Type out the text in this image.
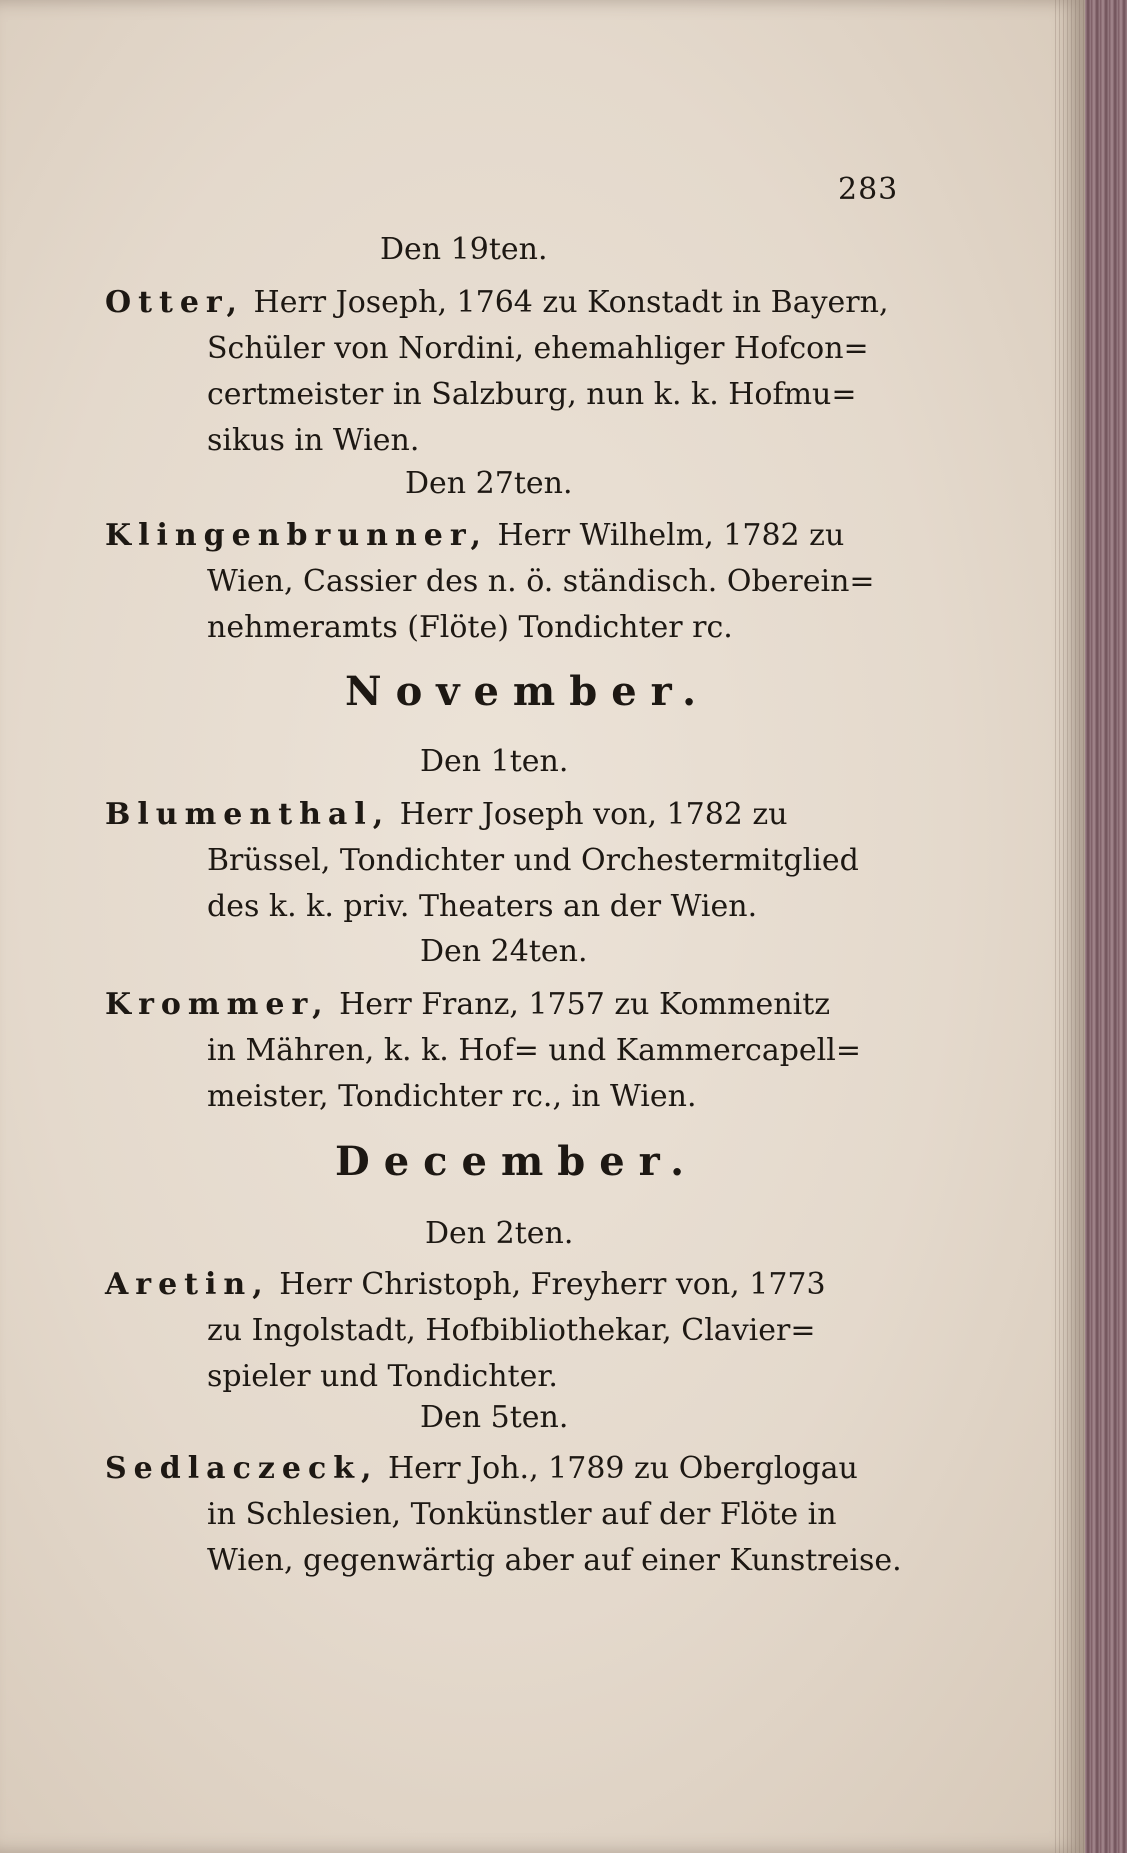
283
Den 19ten.
Otter, Herr Joseph, 1764 zu Konstadt in Bayern,
Schüler von Nordini, ehemahliger Hofcon=
certmeister in Salzburg, nun k. k. Hofmu=
sikus in Wien.
Den 27ten.
Klingenbrunner, Herr Wilhelm, 1782 zu
Wien, Cassier des n. ö. ständisch. Oberein=
nehmeramts (Flöte) Tondichter rc.
November.
Den 1ten.
Blumenthal, Herr Joseph von, 1782 zu
Brüssel, Tondichter und Orchestermitglied
des k. k. priv. Theaters an der Wien.
Den 24ten.
Krommer, Herr Franz, 1757 zu Kommenitz
in Mähren, k. k. Hof= und Kammercapell=
meister, Tondichter rc., in Wien.
December.
Den 2ten.
Aretin, Herr Christoph, Freyherr von, 1773
zu Ingolstadt, Hofbibliothekar, Clavier=
spieler und Tondichter.
Den 5ten.
Sedlaczeck, Herr Joh., 1789 zu Oberglogau
in Schlesien, Tonkünstler auf der Flöte in
Wien, gegenwärtig aber auf einer Kunstreise.
